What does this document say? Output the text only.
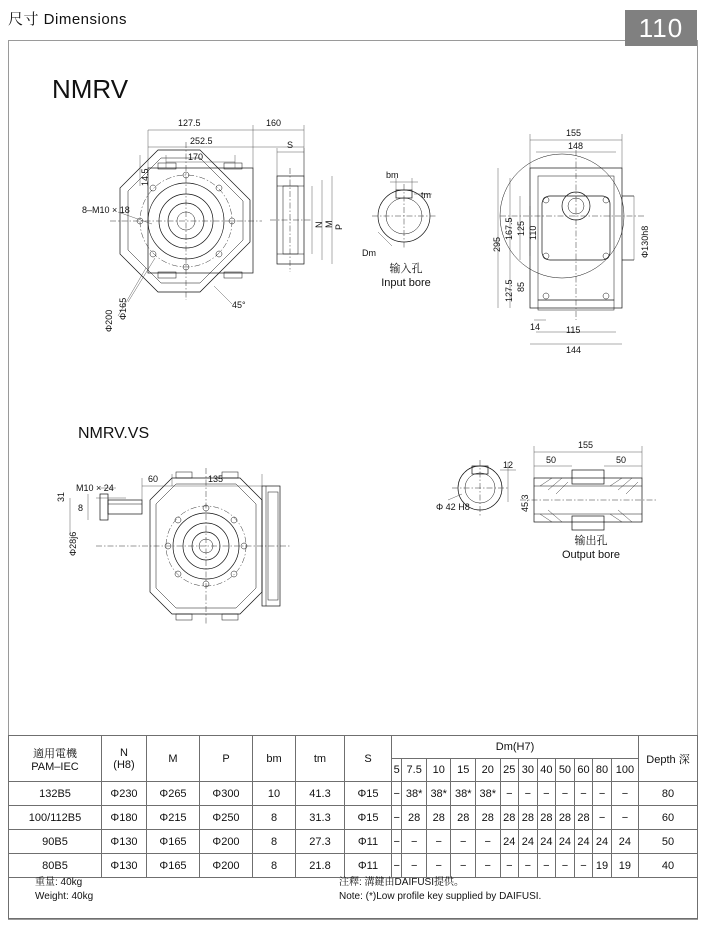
尺寸 Dimensions	110
NMRV
NMRV.VS
127.5	160
252.5
170
14.5
8–M10 × 18
Φ165
Φ200
45°
S
N M P
bm
tm
Dm
输入孔
Input bore
155
148
295
167.5 125 110
85
127.5
14	115
144
Φ130h8
60	135
M10 × 24
8
31
Φ28j6
155
50	50
12
45.3
Φ 42 H8
输出孔
Output bore
適用電機
PAM–IEC

N
(H8)	M	P	bm	tm	S	Dm(H7)	Depth 深
							5	7.5	10	15	20	25	30	40	50	60	80	100	
132B5	Φ230	Φ265	Φ300	10	41.3	Φ15	−	38*	38*	38*	38*	−	−	−	−	−	−	−	80
100/112B5	Φ180	Φ215	Φ250	8	31.3	Φ15	−	28	28	28	28	28	28	28	28	28	−	−	60
90B5	Φ130	Φ165	Φ200	8	27.3	Φ11	−	−	−	−	−	24	24	24	24	24	24	24	50
80B5	Φ130	Φ165	Φ200	8	21.8	Φ11	−	−	−	−	−	−	−	−	−	−	19	19	40
重量: 40kg
Weight: 40kg
注釋: 溝鍵由DAIFUSI提供。
Note: (*)Low profile key supplied by DAIFUSI.
